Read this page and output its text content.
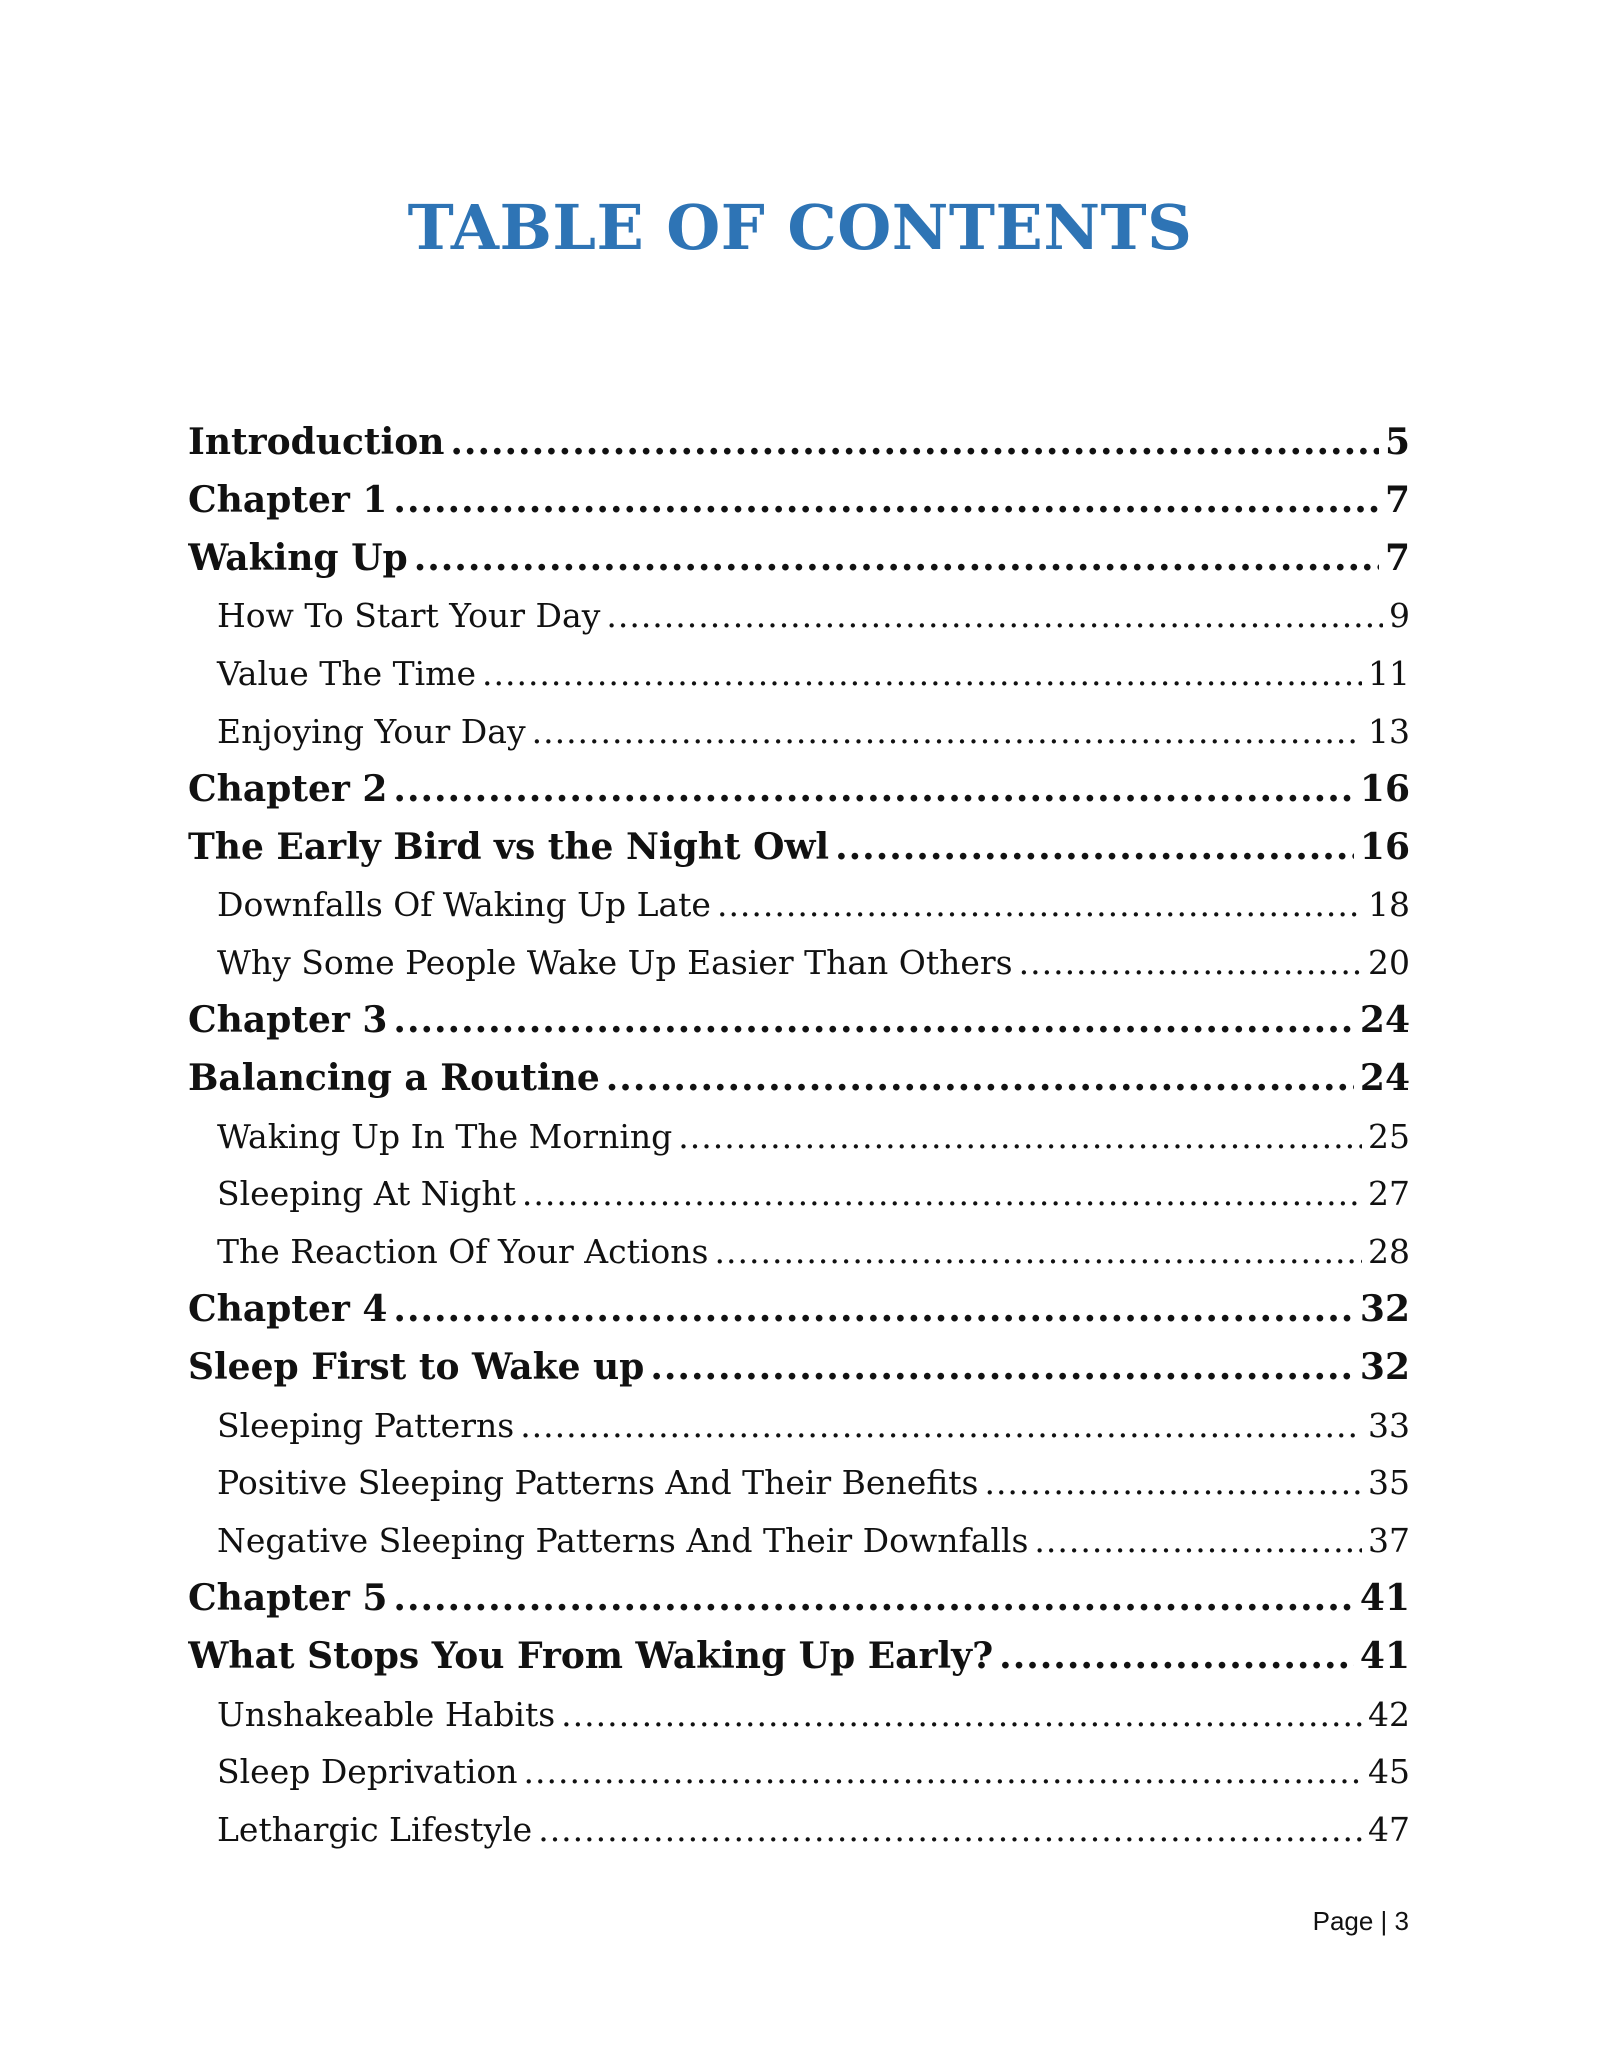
TABLE OF CONTENTS
Introduction .....	5
Chapter 1 .....	7
Waking Up .....	7
How To Start Your Day .....	9
Value The Time .....	11
Enjoying Your Day .....	13
Chapter 2 .....	16
The Early Bird vs the Night Owl .....	16
Downfalls Of Waking Up Late .....	18
Why Some People Wake Up Easier Than Others .....	20
Chapter 3 .....	24
Balancing a Routine .....	24
Waking Up In The Morning .....	25
Sleeping At Night .....	27
The Reaction Of Your Actions .....	28
Chapter 4 .....	32
Sleep First to Wake up .....	32
Sleeping Patterns .....	33
Positive Sleeping Patterns And Their Benefits .....	35
Negative Sleeping Patterns And Their Downfalls .....	37
Chapter 5 .....	41
What Stops You From Waking Up Early? .....	41
Unshakeable Habits .....	42
Sleep Deprivation .....	45
Lethargic Lifestyle .....	47
Page | 3
